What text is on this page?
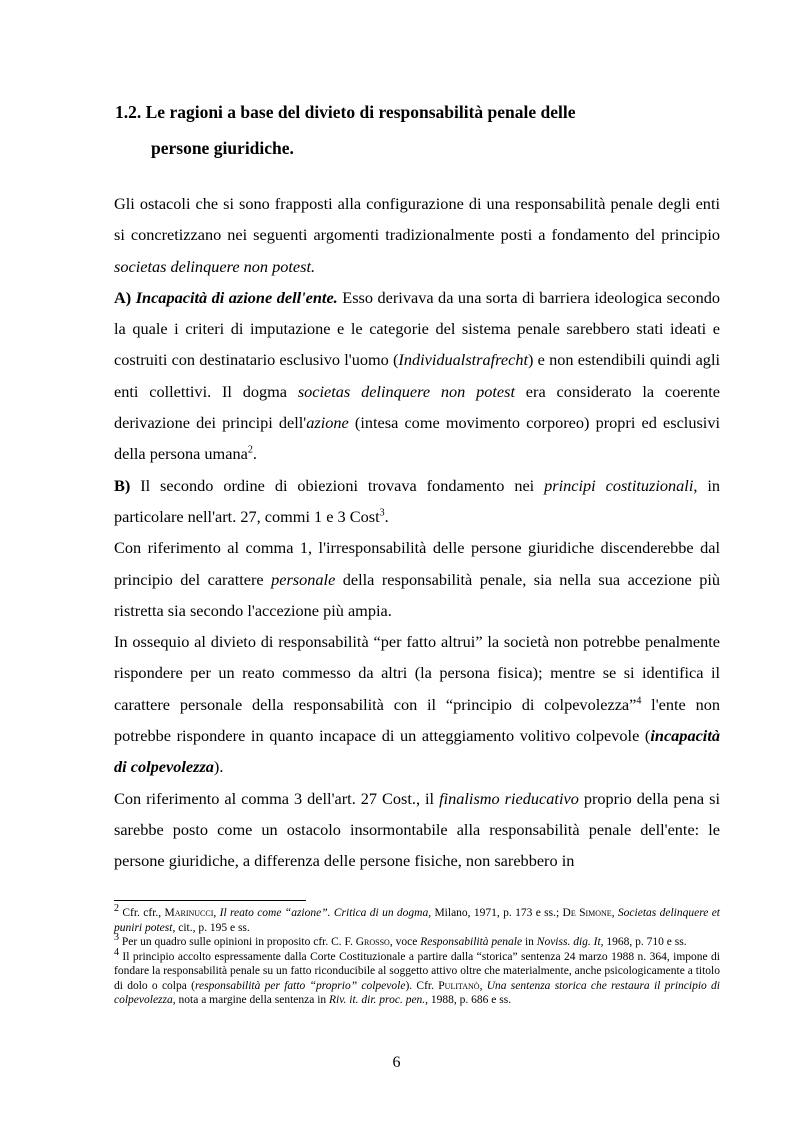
1.2. Le ragioni a base del divieto di responsabilità penale delle
persone giuridiche.

Gli ostacoli che si sono frapposti alla configurazione di una responsabilità penale degli enti si concretizzano nei seguenti argomenti tradizionalmente posti a fondamento del principio societas delinquere non potest.

A) Incapacità di azione dell'ente. Esso derivava da una sorta di barriera ideologica secondo la quale i criteri di imputazione e le categorie del sistema penale sarebbero stati ideati e costruiti con destinatario esclusivo l'uomo (Individualstrafrecht) e non estendibili quindi agli enti collettivi. Il dogma societas delinquere non potest era considerato la coerente derivazione dei principi dell'azione (intesa come movimento corporeo) propri ed esclusivi della persona umana$^2$.

B) Il secondo ordine di obiezioni trovava fondamento nei principi costituzionali, in particolare nell'art. 27, commi 1 e 3 Cost$^3$.

Con riferimento al comma 1, l'irresponsabilità delle persone giuridiche discenderebbe dal principio del carattere personale della responsabilità penale, sia nella sua accezione più ristretta sia secondo l'accezione più ampia.

In ossequio al divieto di responsabilità “per fatto altrui” la società non potrebbe penalmente rispondere per un reato commesso da altri (la persona fisica); mentre se si identifica il carattere personale della responsabilità con il “principio di colpevolezza”$^4$ l'ente non potrebbe rispondere in quanto incapace di un atteggiamento volitivo colpevole (incapacità di colpevolezza).

Con riferimento al comma 3 dell'art. 27 Cost., il finalismo rieducativo proprio della pena si sarebbe posto come un ostacolo insormontabile alla responsabilità penale dell'ente: le persone giuridiche, a differenza delle persone fisiche, non sarebbero in

$^2$ Cfr. cfr., Marinucci, Il reato come “azione”. Critica di un dogma, Milano, 1971, p. 173 e ss.; De Simone, Societas delinquere et puniri potest, cit., p. 195 e ss.

$^3$ Per un quadro sulle opinioni in proposito cfr. C. F. Grosso, voce Responsabilità penale in Noviss. dig. It, 1968, p. 710 e ss.

$^4$ Il principio accolto espressamente dalla Corte Costituzionale a partire dalla “storica” sentenza 24 marzo 1988 n. 364, impone di fondare la responsabilità penale su un fatto riconducibile al soggetto attivo oltre che materialmente, anche psicologicamente a titolo di dolo o colpa (responsabilità per fatto “proprio” colpevole). Cfr. Pulitanò, Una sentenza storica che restaura il principio di colpevolezza, nota a margine della sentenza in Riv. it. dir. proc. pen., 1988, p. 686 e ss.

6
